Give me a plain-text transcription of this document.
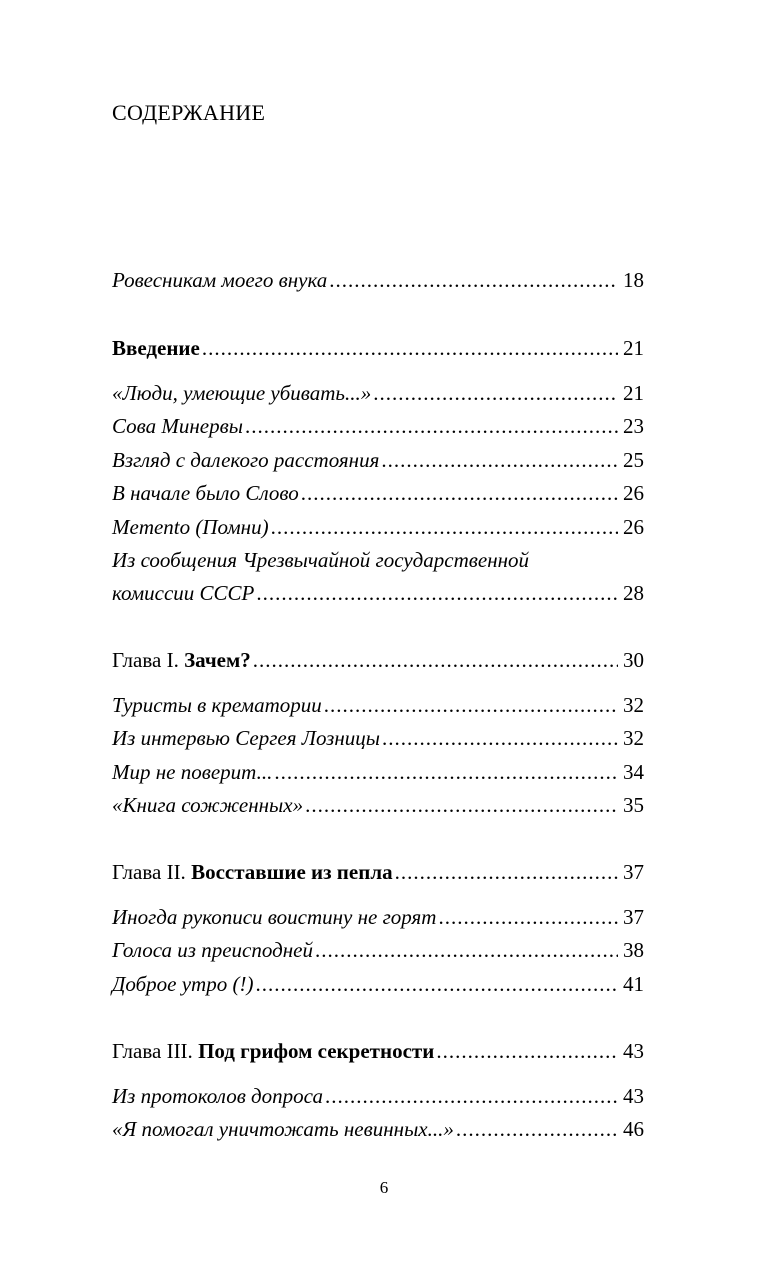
СОДЕРЖАНИЕ
Ровесникам моего внука .....	18
Введение .....	21
«Люди, умеющие убивать...» .....	21
Сова Минервы .....	23
Взгляд с далекого расстояния .....	25
В начале было Слово .....	26
Memento (Помни) .....	26
Из сообщения Чрезвычайной государственной
комиссии СССР .....	28
Глава I. Зачем? .....	30
Туристы в крематории .....	32
Из интервью Сергея Лозницы .....	32
Мир не поверит... .....	34
«Книга сожженных» .....	35
Глава II. Восставшие из пепла .....	37
Иногда рукописи воистину не горят .....	37
Голоса из преисподней .....	38
Доброе утро (!) .....	41
Глава III. Под грифом секретности .....	43
Из протоколов допроса .....	43
«Я помогал уничтожать невинных...» .....	46
6
